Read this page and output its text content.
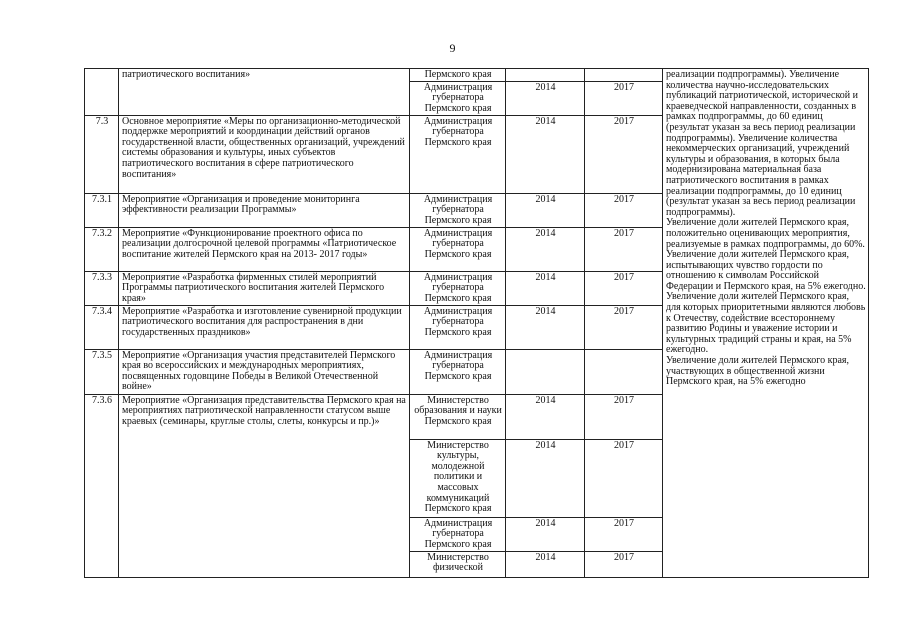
9
	патриотического воспитания»	Пермского края			реализации подпрограммы). Увеличение количества научно-исследовательских публикаций патриотической, исторической и краеведческой направленности, созданных в рамках подпрограммы, до 60 единиц (результат указан за весь период реализации подпрограммы). Увеличение количества некоммерческих организаций, учреждений культуры и образования, в которых была модернизирована материальная база патриотического воспитания в рамках реализации подпрограммы, до 10 единиц (результат указан за весь период реализации подпрограммы).
Увеличение доли жителей Пермского края, положительно оценивающих мероприятия, реализуемые в рамках подпрограммы, до 60%.
Увеличение доли жителей Пермского края, испытывающих чувство гордости по отношению к символам Российской Федерации и Пермского края, на 5% ежегодно.
Увеличение доли жителей Пермского края, для которых приоритетными являются любовь к Отечеству, содействие всестороннему развитию Родины и уважение истории и культурных традиций страны и края, на 5% ежегодно.
Увеличение доли жителей Пермского края, участвующих в общественной жизни Пермского края, на 5% ежегодно

		Администрация губернатора Пермского края	2014	2017	
7.3	Основное мероприятие «Меры по организационно-методической поддержке мероприятий и координации действий органов государственной власти, общественных организаций, учреждений системы образования и культуры, иных субъектов патриотического воспитания в сфере патриотического воспитания»	Администрация губернатора Пермского края	2014	2017	
7.3.1	Мероприятие «Организация и проведение мониторинга эффективности реализации Программы»	Администрация губернатора Пермского края	2014	2017	
7.3.2	Мероприятие «Функционирование проектного офиса по реализации долгосрочной целевой программы «Патриотическое воспитание жителей Пермского края на 2013- 2017 годы»	Администрация губернатора Пермского края	2014	2017	
7.3.3	Мероприятие «Разработка фирменных стилей мероприятий Программы патриотического воспитания жителей Пермского края»	Администрация губернатора Пермского края	2014	2017	
7.3.4	Мероприятие «Разработка и изготовление сувенирной продукции патриотического воспитания для распространения в дни государственных праздников»	Администрация губернатора Пермского края	2014	2017	
7.3.5	Мероприятие «Организация участия представителей Пермского края во всероссийских и международных мероприятиях, посвященных годовщине Победы в Великой Отечественной войне»	Администрация губернатора Пермского края			
7.3.6	Мероприятие «Организация представительства Пермского края на мероприятиях патриотической направленности статусом выше краевых (семинары, круглые столы, слеты, конкурсы и пр.)»	Министерство образования и науки Пермского края	2014	2017	
		Министерство культуры, молодежной политики и массовых коммуникаций Пермского края	2014	2017	
		Администрация губернатора Пермского края	2014	2017	
		Министерство физической	2014	2017	
